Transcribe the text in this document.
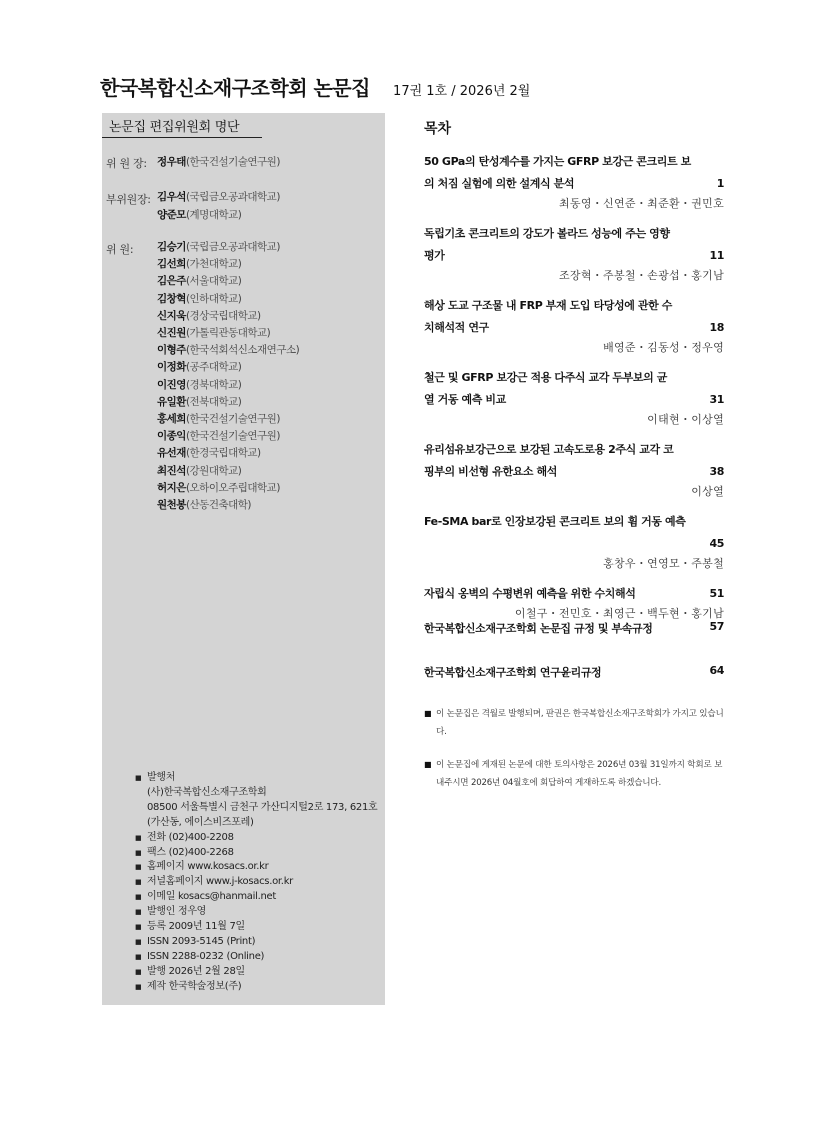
한국복합신소재구조학회 논문집 17권 1호 / 2026년 2월
논문집 편집위원회 명단
위 원 장: 정우태(한국건설기술연구원)
부위원장: 김우석(국립금오공과대학교)
양준모(계명대학교)
위 원: 김승기(국립금오공과대학교)
김선희(가천대학교)
김은주(서울대학교)
김창혁(인하대학교)
신지욱(경상국립대학교)
신진원(가톨릭관동대학교)
이형주(한국석회석신소재연구소)
이정화(공주대학교)
이진영(경북대학교)
유일환(전북대학교)
홍세희(한국건설기술연구원)
이종익(한국건설기술연구원)
유선재(한경국립대학교)
최진석(강원대학교)
허지은(오하이오주립대학교)
원천봉(산동건축대학)
■ 발행처
(사)한국복합신소재구조학회
08500 서울특별시 금천구 가산디지털2로 173, 621호
(가산동, 에이스비즈포레)
■ 전화 (02)400-2208
■ 팩스 (02)400-2268
■ 홈페이지 www.kosacs.or.kr
■ 저널홈페이지 www.j-kosacs.or.kr
■ 이메일 kosacs@hanmail.net
■ 발행인 정우영
■ 등록 2009년 11월 7일
■ ISSN 2093-5145 (Print)
■ ISSN 2288-0232 (Online)
■ 발행 2026년 2월 28일
■ 제작 한국학술정보(주)
목차
50 GPa의 탄성계수를 가지는 GFRP 보강근 콘크리트 보
의 처짐 실험에 의한 설계식 분석	1
최동영・신연준・최준환・권민호
독립기초 콘크리트의 강도가 볼라드 성능에 주는 영향
평가	11
조장혁・주봉철・손광섭・홍기남
해상 도교 구조물 내 FRP 부재 도입 타당성에 관한 수
치해석적 연구	18
배영준・김동성・정우영
철근 및 GFRP 보강근 적용 다주식 교각 두부보의 균
열 거동 예측 비교	31
이태현・이상열
유리섬유보강근으로 보강된 고속도로용 2주식 교각 코
핑부의 비선형 유한요소 해석	38
이상열
Fe-SMA bar로 인장보강된 콘크리트 보의 휨 거동 예측
45
홍창우・연영모・주봉철
자립식 옹벽의 수평변위 예측을 위한 수치해석	51
이철구・전민호・최영근・백두현・홍기남
한국복합신소재구조학회 논문집 규정 및 부속규정	57
한국복합신소재구조학회 연구윤리규정	64
■ 이 논문집은 격월로 발행되며, 판권은 한국복합신소재구조학회가 가지고 있습니다.
■ 이 논문집에 게재된 논문에 대한 토의사항은 2026년 03월 31일까지 학회로 보내주시면 2026년 04월호에 회답하여 게재하도록 하겠습니다.
